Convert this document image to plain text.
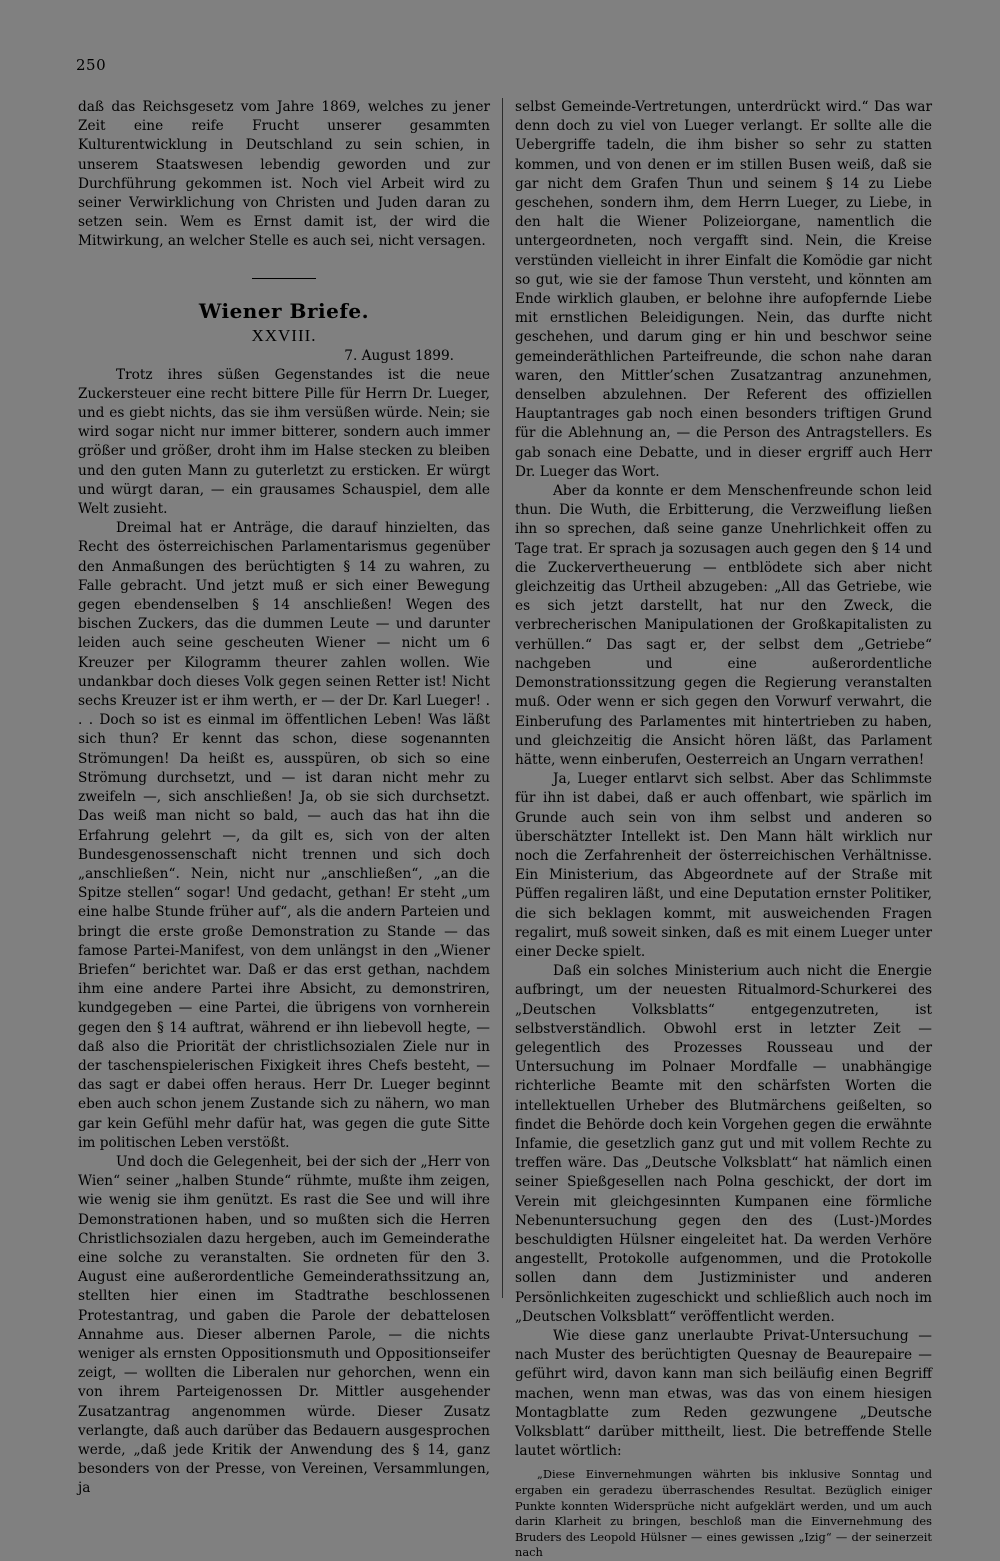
250

daß das Reichsgesetz vom Jahre 1869, welches zu jener Zeit eine reife Frucht unserer gesammten Kulturentwicklung in Deutschland zu sein schien, in unserem Staatswesen lebendig geworden und zur Durchführung gekommen ist. Noch viel Arbeit wird zu seiner Verwirklichung von Christen und Juden daran zu setzen sein. Wem es Ernst damit ist, der wird die Mitwirkung, an welcher Stelle es auch sei, nicht versagen.

Wiener Briefe.
XXVIII.
7. August 1899.

Trotz ihres süßen Gegenstandes ist die neue Zuckersteuer eine recht bittere Pille für Herrn Dr. Lueger, und es giebt nichts, das sie ihm versüßen würde. Nein; sie wird sogar nicht nur immer bitterer, sondern auch immer größer und größer, droht ihm im Halse stecken zu bleiben und den guten Mann zu guterletzt zu ersticken. Er würgt und würgt daran, — ein grausames Schauspiel, dem alle Welt zusieht.

Dreimal hat er Anträge, die darauf hinzielten, das Recht des österreichischen Parlamentarismus gegenüber den Anmaßungen des berüchtigten § 14 zu wahren, zu Falle gebracht. Und jetzt muß er sich einer Bewegung gegen ebendenselben § 14 anschließen! Wegen des bischen Zuckers, das die dummen Leute — und darunter leiden auch seine gescheuten Wiener — nicht um 6 Kreuzer per Kilogramm theurer zahlen wollen. Wie undankbar doch dieses Volk gegen seinen Retter ist! Nicht sechs Kreuzer ist er ihm werth, er — der Dr. Karl Lueger! . . . Doch so ist es einmal im öffentlichen Leben! Was läßt sich thun? Er kennt das schon, diese sogenannten Strömungen! Da heißt es, ausspüren, ob sich so eine Strömung durchsetzt, und — ist daran nicht mehr zu zweifeln —, sich anschließen! Ja, ob sie sich durchsetzt. Das weiß man nicht so bald, — auch das hat ihn die Erfahrung gelehrt —, da gilt es, sich von der alten Bundesgenossenschaft nicht trennen und sich doch „anschließen“. Nein, nicht nur „anschließen“, „an die Spitze stellen“ sogar! Und gedacht, gethan! Er steht „um eine halbe Stunde früher auf“, als die andern Parteien und bringt die erste große Demonstration zu Stande — das famose Partei-Manifest, von dem unlängst in den „Wiener Briefen“ berichtet war. Daß er das erst gethan, nachdem ihm eine andere Partei ihre Absicht, zu demonstriren, kundgegeben — eine Partei, die übrigens von vornherein gegen den § 14 auftrat, während er ihn liebevoll hegte, — daß also die Priorität der christlichsozialen Ziele nur in der taschenspielerischen Fixigkeit ihres Chefs besteht, — das sagt er dabei offen heraus. Herr Dr. Lueger beginnt eben auch schon jenem Zustande sich zu nähern, wo man gar kein Gefühl mehr dafür hat, was gegen die gute Sitte im politischen Leben verstößt.

Und doch die Gelegenheit, bei der sich der „Herr von Wien“ seiner „halben Stunde“ rühmte, mußte ihm zeigen, wie wenig sie ihm genützt. Es rast die See und will ihre Demonstrationen haben, und so mußten sich die Herren Christlichsozialen dazu hergeben, auch im Gemeinderathe eine solche zu veranstalten. Sie ordneten für den 3. August eine außerordentliche Gemeinderathssitzung an, stellten hier einen im Stadtrathe beschlossenen Protestantrag, und gaben die Parole der debattelosen Annahme aus. Dieser albernen Parole, — die nichts weniger als ernsten Oppositionsmuth und Oppositionseifer zeigt, — wollten die Liberalen nur gehorchen, wenn ein von ihrem Parteigenossen Dr. Mittler ausgehender Zusatzantrag angenommen würde. Dieser Zusatz verlangte, daß auch darüber das Bedauern ausgesprochen werde, „daß jede Kritik der Anwendung des § 14, ganz besonders von der Presse, von Vereinen, Versammlungen, ja

selbst Gemeinde-Vertretungen, unterdrückt wird.“ Das war denn doch zu viel von Lueger verlangt. Er sollte alle die Uebergriffe tadeln, die ihm bisher so sehr zu statten kommen, und von denen er im stillen Busen weiß, daß sie gar nicht dem Grafen Thun und seinem § 14 zu Liebe geschehen, sondern ihm, dem Herrn Lueger, zu Liebe, in den halt die Wiener Polizeiorgane, namentlich die untergeordneten, noch vergafft sind. Nein, die Kreise verstünden vielleicht in ihrer Einfalt die Komödie gar nicht so gut, wie sie der famose Thun versteht, und könnten am Ende wirklich glauben, er belohne ihre aufopfernde Liebe mit ernstlichen Beleidigungen. Nein, das durfte nicht geschehen, und darum ging er hin und beschwor seine gemeinderäthlichen Parteifreunde, die schon nahe daran waren, den Mittler’schen Zusatzantrag anzunehmen, denselben abzulehnen. Der Referent des offiziellen Hauptantrages gab noch einen besonders triftigen Grund für die Ablehnung an, — die Person des Antragstellers. Es gab sonach eine Debatte, und in dieser ergriff auch Herr Dr. Lueger das Wort.

Aber da konnte er dem Menschenfreunde schon leid thun. Die Wuth, die Erbitterung, die Verzweiflung ließen ihn so sprechen, daß seine ganze Unehrlichkeit offen zu Tage trat. Er sprach ja sozusagen auch gegen den § 14 und die Zuckervertheuerung — entblödete sich aber nicht gleichzeitig das Urtheil abzugeben: „All das Getriebe, wie es sich jetzt darstellt, hat nur den Zweck, die verbrecherischen Manipulationen der Großkapitalisten zu verhüllen.“ Das sagt er, der selbst dem „Getriebe“ nachgeben und eine außerordentliche Demonstrationssitzung gegen die Regierung veranstalten muß. Oder wenn er sich gegen den Vorwurf verwahrt, die Einberufung des Parlamentes mit hintertrieben zu haben, und gleichzeitig die Ansicht hören läßt, das Parlament hätte, wenn einberufen, Oesterreich an Ungarn verrathen!

Ja, Lueger entlarvt sich selbst. Aber das Schlimmste für ihn ist dabei, daß er auch offenbart, wie spärlich im Grunde auch sein von ihm selbst und anderen so überschätzter Intellekt ist. Den Mann hält wirklich nur noch die Zerfahrenheit der österreichischen Verhältnisse. Ein Ministerium, das Abgeordnete auf der Straße mit Püffen regaliren läßt, und eine Deputation ernster Politiker, die sich beklagen kommt, mit ausweichenden Fragen regalirt, muß soweit sinken, daß es mit einem Lueger unter einer Decke spielt.

Daß ein solches Ministerium auch nicht die Energie aufbringt, um der neuesten Ritualmord-Schurkerei des „Deutschen Volksblatts“ entgegenzutreten, ist selbstverständlich. Obwohl erst in letzter Zeit — gelegentlich des Prozesses Rousseau und der Untersuchung im Polnaer Mordfalle — unabhängige richterliche Beamte mit den schärfsten Worten die intellektuellen Urheber des Blutmärchens geißelten, so findet die Behörde doch kein Vorgehen gegen die erwähnte Infamie, die gesetzlich ganz gut und mit vollem Rechte zu treffen wäre. Das „Deutsche Volksblatt“ hat nämlich einen seiner Spießgesellen nach Polna geschickt, der dort im Verein mit gleichgesinnten Kumpanen eine förmliche Nebenuntersuchung gegen den des (Lust-)Mordes beschuldigten Hülsner eingeleitet hat. Da werden Verhöre angestellt, Protokolle aufgenommen, und die Protokolle sollen dann dem Justizminister und anderen Persönlichkeiten zugeschickt und schließlich auch noch im „Deutschen Volksblatt“ veröffentlicht werden.

Wie diese ganz unerlaubte Privat-Untersuchung — nach Muster des berüchtigten Quesnay de Beaurepaire — geführt wird, davon kann man sich beiläufig einen Begriff machen, wenn man etwas, was das von einem hiesigen Montagblatte zum Reden gezwungene „Deutsche Volksblatt“ darüber mittheilt, liest. Die betreffende Stelle lautet wörtlich:

„Diese Einvernehmungen währten bis inklusive Sonntag und ergaben ein geradezu überraschendes Resultat. Bezüglich einiger Punkte konnten Widersprüche nicht aufgeklärt werden, und um auch darin Klarheit zu bringen, beschloß man die Einvernehmung des Bruders des Leopold Hülsner — eines gewissen „Izig“ — der seinerzeit nach
